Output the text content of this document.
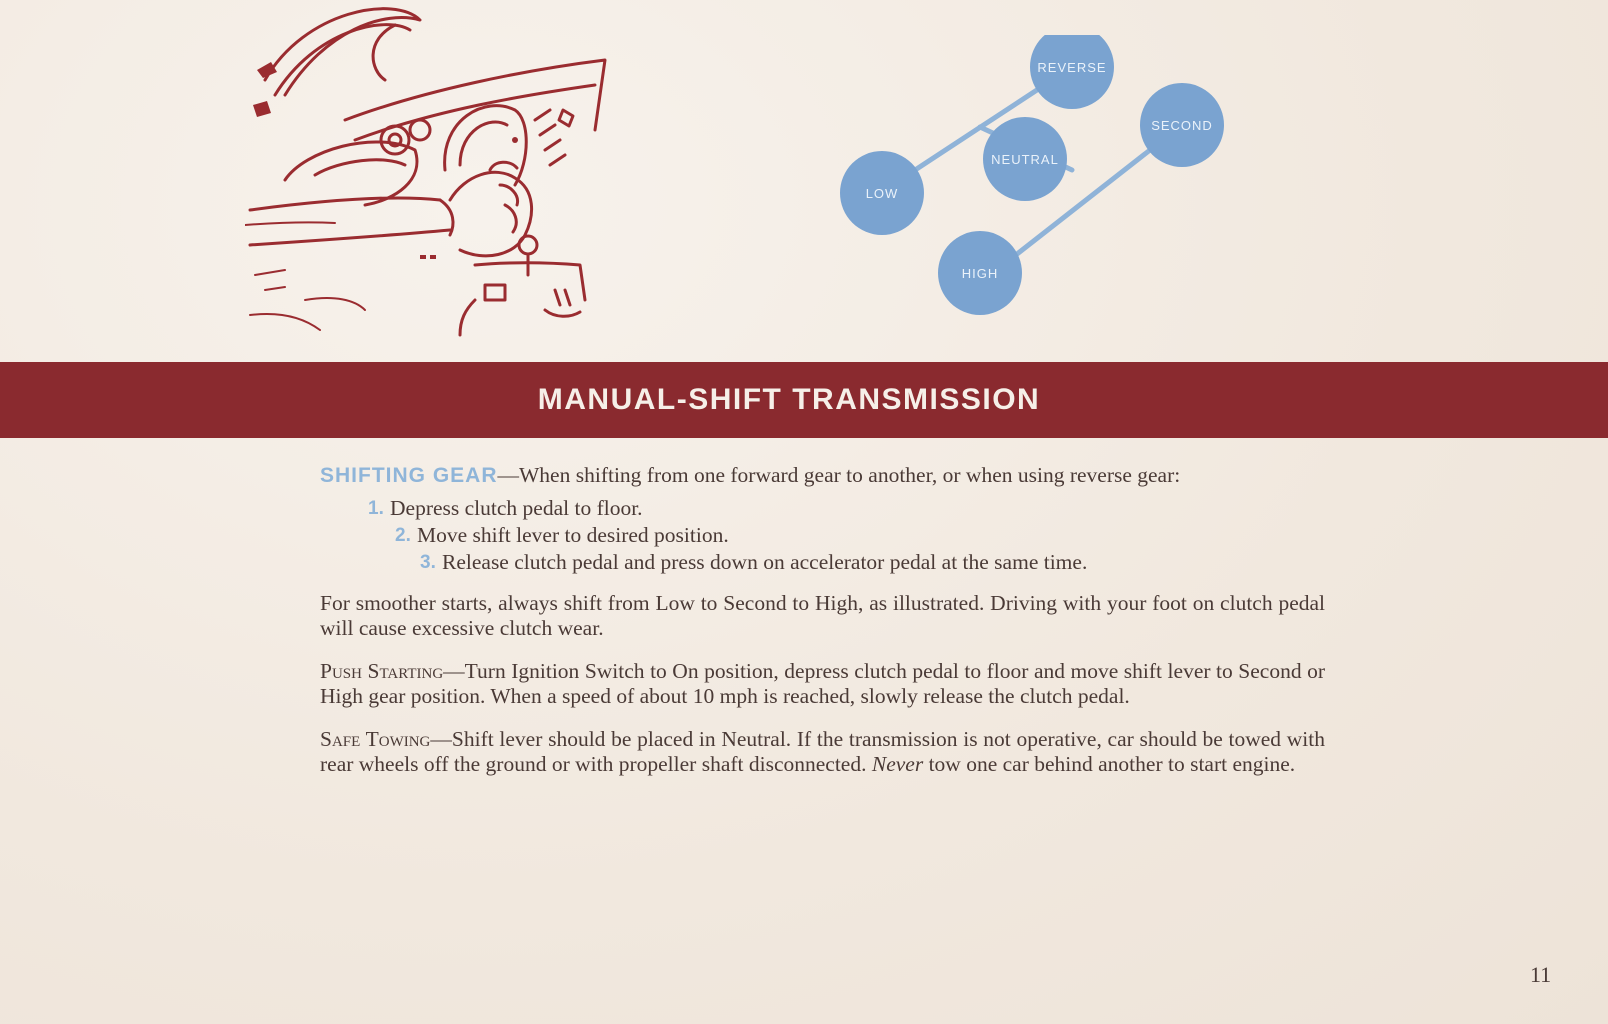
REVERSE
SECOND
NEUTRAL
LOW
HIGH
MANUAL-SHIFT TRANSMISSION

SHIFTING GEAR—When shifting from one forward gear to another, or when using reverse gear:

1. Depress clutch pedal to floor.
2. Move shift lever to desired position.
3. Release clutch pedal and press down on accelerator pedal at the same time.

For smoother starts, always shift from Low to Second to High, as illustrated. Driving with your foot on clutch pedal will cause excessive clutch wear.

Push Starting—Turn Ignition Switch to On position, depress clutch pedal to floor and move shift lever to Second or High gear position. When a speed of about 10 mph is reached, slowly release the clutch pedal.

Safe Towing—Shift lever should be placed in Neutral. If the transmission is not operative, car should be towed with rear wheels off the ground or with propeller shaft disconnected. Never tow one car behind another to start engine.

11
